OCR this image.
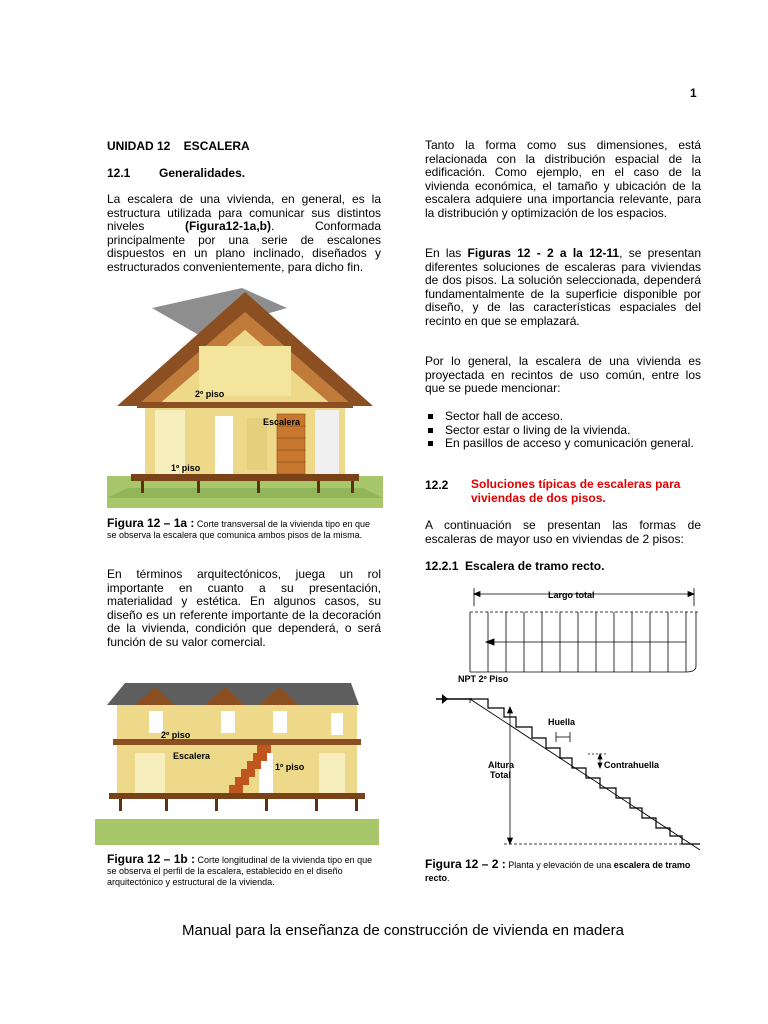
1
UNIDAD 12    ESCALERA
12.1 Generalidades.

La escalera de una vivienda, en general, es la estructura utilizada para comunicar sus distintos niveles (Figura12-1a,b). Conformada principalmente por una serie de escalones dispuestos en un plano inclinado, diseñados y estructurados convenientemente, para dicho fin.

2º piso
Escalera
1º piso
Figura 12 – 1a : Corte transversal de la vivienda tipo en que se observa la escalera que comunica ambos pisos de la misma.

En términos arquitectónicos, juega un rol importante en cuanto a su presentación, materialidad y estética. En algunos casos, su diseño es un referente importante de la decoración de la vivienda, condición que dependerá, o será función de su valor comercial.

2º piso
Escalera
1º piso
Figura 12 – 1b : Corte longitudinal de la vivienda tipo en que se observa el perfil de la escalera, establecido en el diseño arquitectónico y estructural de la vivienda.

Tanto la forma como sus dimensiones, está relacionada con la distribución espacial de la edificación. Como ejemplo, en el caso de la vivienda económica, el tamaño y ubicación de la escalera adquiere una importancia relevante, para la distribución y optimización de los espacios.

En las Figuras 12 - 2 a la 12-11, se presentan diferentes soluciones de escaleras para viviendas de dos pisos. La solución seleccionada, dependerá fundamentalmente de la superficie disponible por diseño, y de las características espaciales del recinto en que se emplazará.

Por lo general, la escalera de una vivienda es proyectada en recintos de uso común, entre los que se puede mencionar:

Sector hall de acceso.
Sector estar o living de la vivienda.
En pasillos de acceso y comunicación general.
12.2 Soluciones típicas de escaleras para viviendas de dos pisos.

A continuación se presentan las formas de escaleras de mayor uso en viviendas de 2 pisos:

12.2.1  Escalera de tramo recto.
Largo total
NPT 2º Piso
Huella
Contrahuella
Altura
Total
Figura 12 – 2 : Planta y elevación de una escalera de tramo recto.
Manual para la enseñanza de construcción de vivienda en madera
